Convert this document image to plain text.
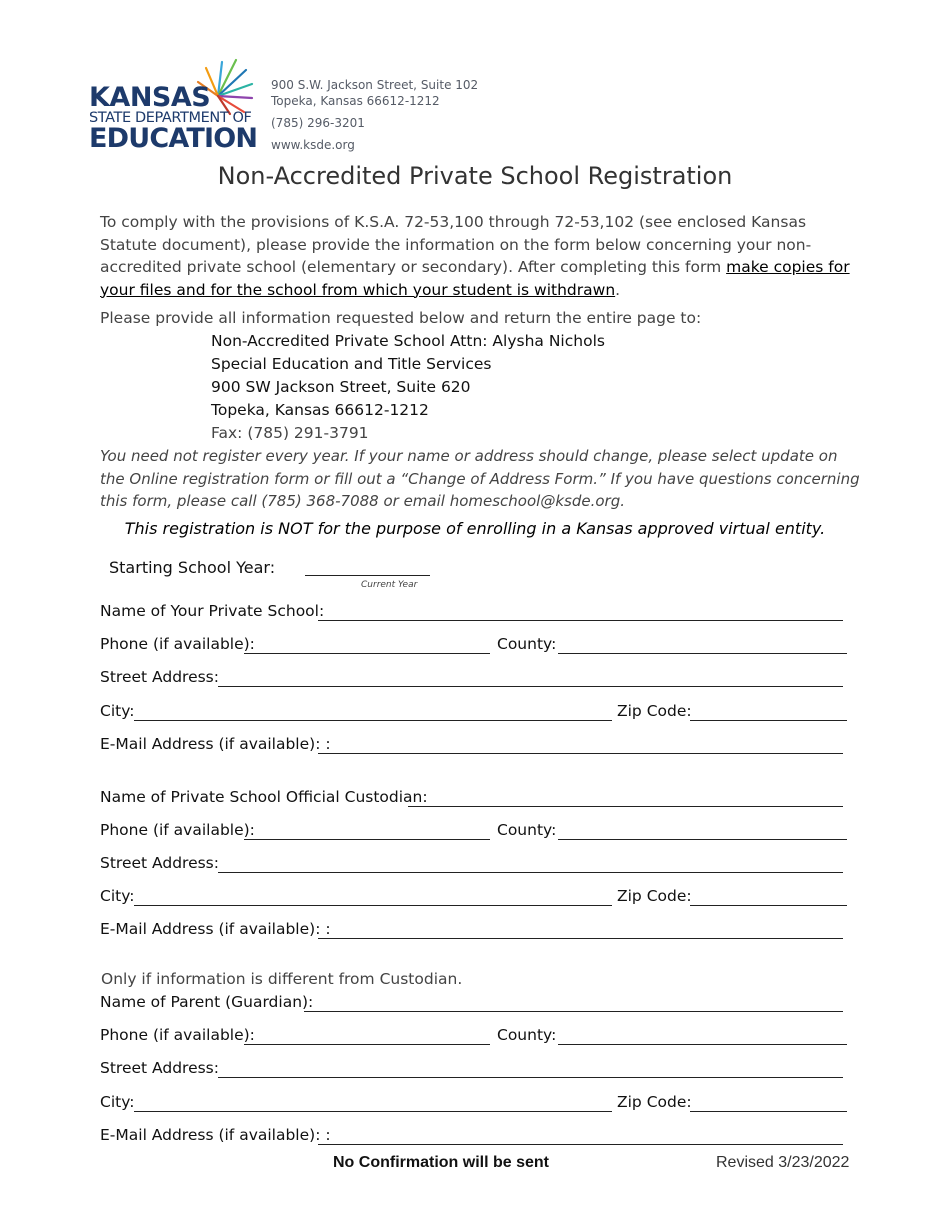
KANSAS
STATE DEPARTMENT OF
EDUCATION
900 S.W. Jackson Street, Suite 102
Topeka, Kansas 66612-1212
(785) 296-3201
www.ksde.org
Non-Accredited Private School Registration
To comply with the provisions of K.S.A. 72-53,100 through 72-53,102 (see enclosed Kansas Statute document), please provide the information on the form below concerning your non-accredited private school (elementary or secondary). After completing this form make copies for your files and for the school from which your student is withdrawn.
Please provide all information requested below and return the entire page to:
Non-Accredited Private School Attn: Alysha Nichols
Special Education and Title Services
900 SW Jackson Street, Suite 620
Topeka, Kansas 66612-1212
Fax: (785) 291-3791
You need not register every year. If your name or address should change, please select update on the Online registration form or fill out a “Change of Address Form.” If you have questions concerning this form, please call (785) 368-7088 or email homeschool@ksde.org.
This registration is NOT for the purpose of enrolling in a Kansas approved virtual entity.
Starting School Year:
Current Year
Name of Your Private School:
Phone (if available):	County:
Street Address:
City:	Zip Code:
E-Mail Address (if available): :
Name of Private School Official Custodian:
Phone (if available):	County:
Street Address:
City:	Zip Code:
E-Mail Address (if available): :
Only if information is different from Custodian.
Name of Parent (Guardian):
Phone (if available):	County:
Street Address:
City:	Zip Code:
E-Mail Address (if available): :
No Confirmation will be sent	Revised 3/23/2022
